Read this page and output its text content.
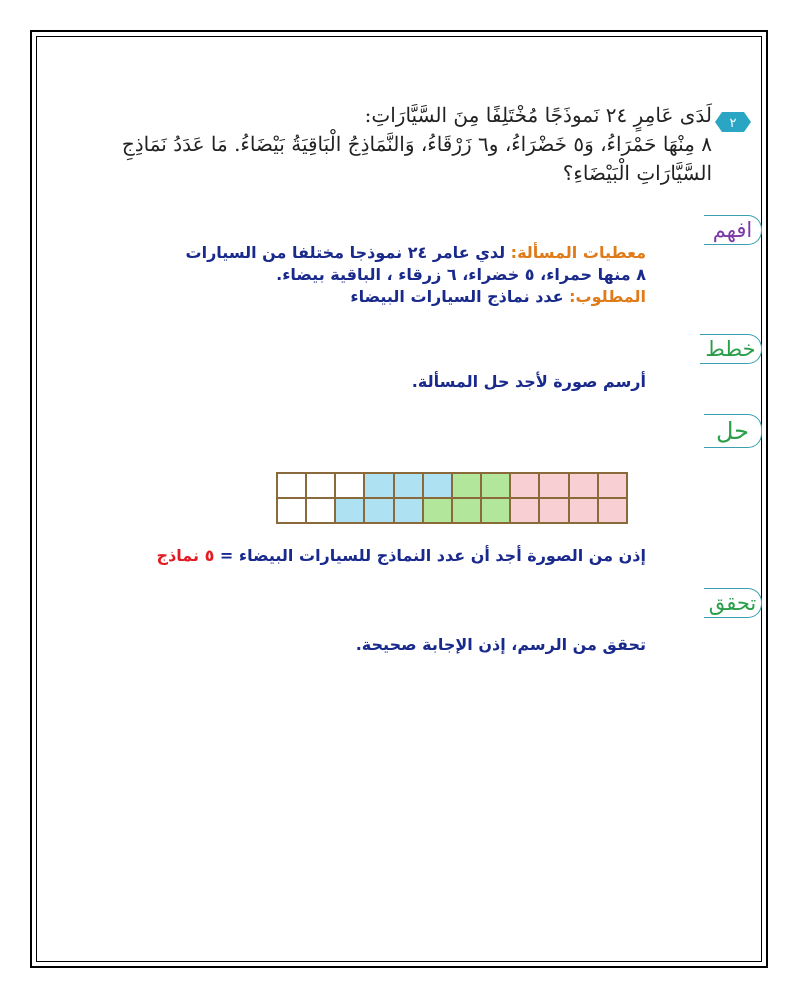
٢
لَدَى عَامِرٍ ٢٤ نَموذَجًا مُخْتَلِفًا مِنَ السَّيَّارَاتِ:
٨ مِنْهَا حَمْرَاءُ، وَ٥ خَضْرَاءُ، و٦ زَرْقَاءُ، وَالنَّمَاذِجُ الْبَاقِيَةُ بَيْضَاءُ. مَا عَدَدُ نَمَاذِجِ
السَّيَّارَاتِ الْبَيْضَاءِ؟
افهم
معطيات المسألة: لدي عامر ٢٤ نموذجا مختلفا من السيارات
٨ منها حمراء، ٥ خضراء، ٦ زرقاء ، الباقية بيضاء.
المطلوب: عدد نماذج السيارات البيضاء
خطط
أرسم صورة لأجد حل المسألة.
حل
إذن من الصورة أجد أن عدد النماذج للسيارات البيضاء = ٥ نماذج
تحقق
تحقق من الرسم، إذن الإجابة صحيحة.
